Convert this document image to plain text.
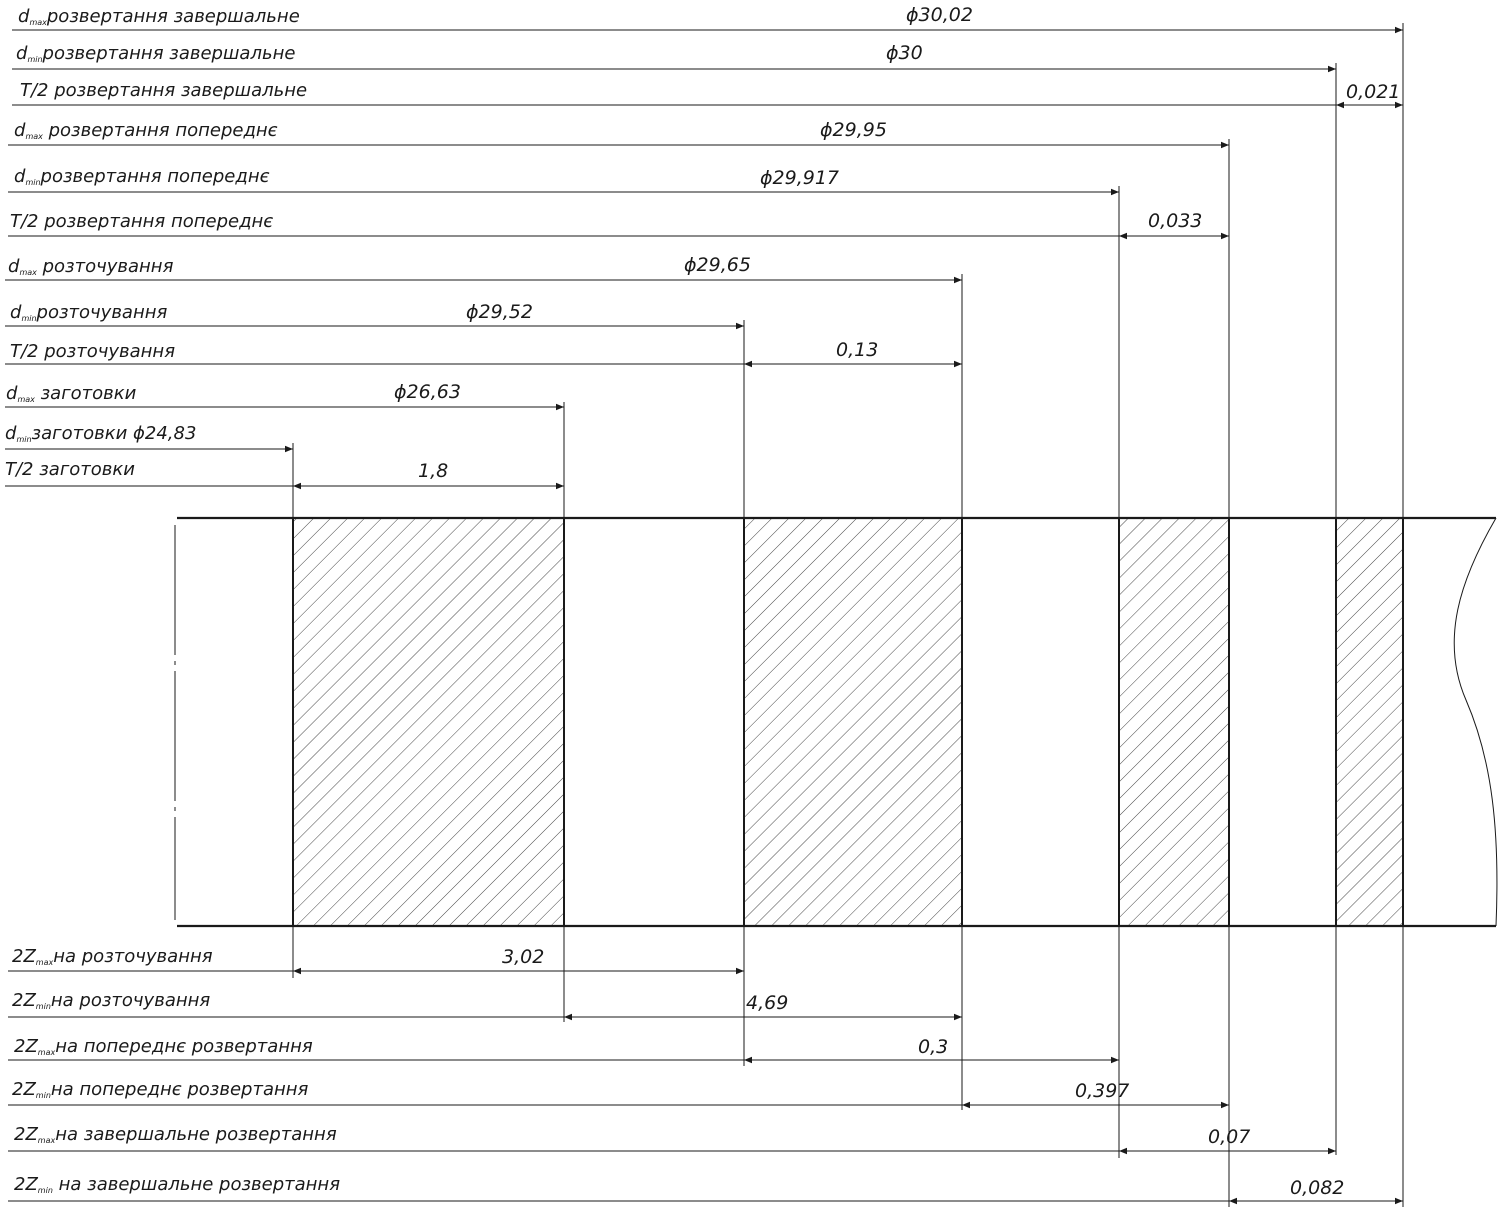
dmaxрозвертання завершальне
dminрозвертання завершальне
T/2 розвертання завершальне
dmax розвертання попереднє
dminрозвертання попереднє
T/2 розвертання попереднє
dmax розточування
dminрозточування
T/2 розточування
dmax заготовки
dminзаготовки ϕ24,83
T/2 заготовки
ϕ30,02
ϕ30
0,021
ϕ29,95
ϕ29,917
0,033
ϕ29,65
ϕ29,52
0,13
ϕ26,63
1,8
2Zmaxна розточування
2Zminна розточування
2Zmaxна попереднє розвертання
2Zminна попереднє розвертання
2Zmaxна завершальне розвертання
2Zmin на завершальне розвертання
3,02
4,69
0,3
0,397
0,07
0,082
